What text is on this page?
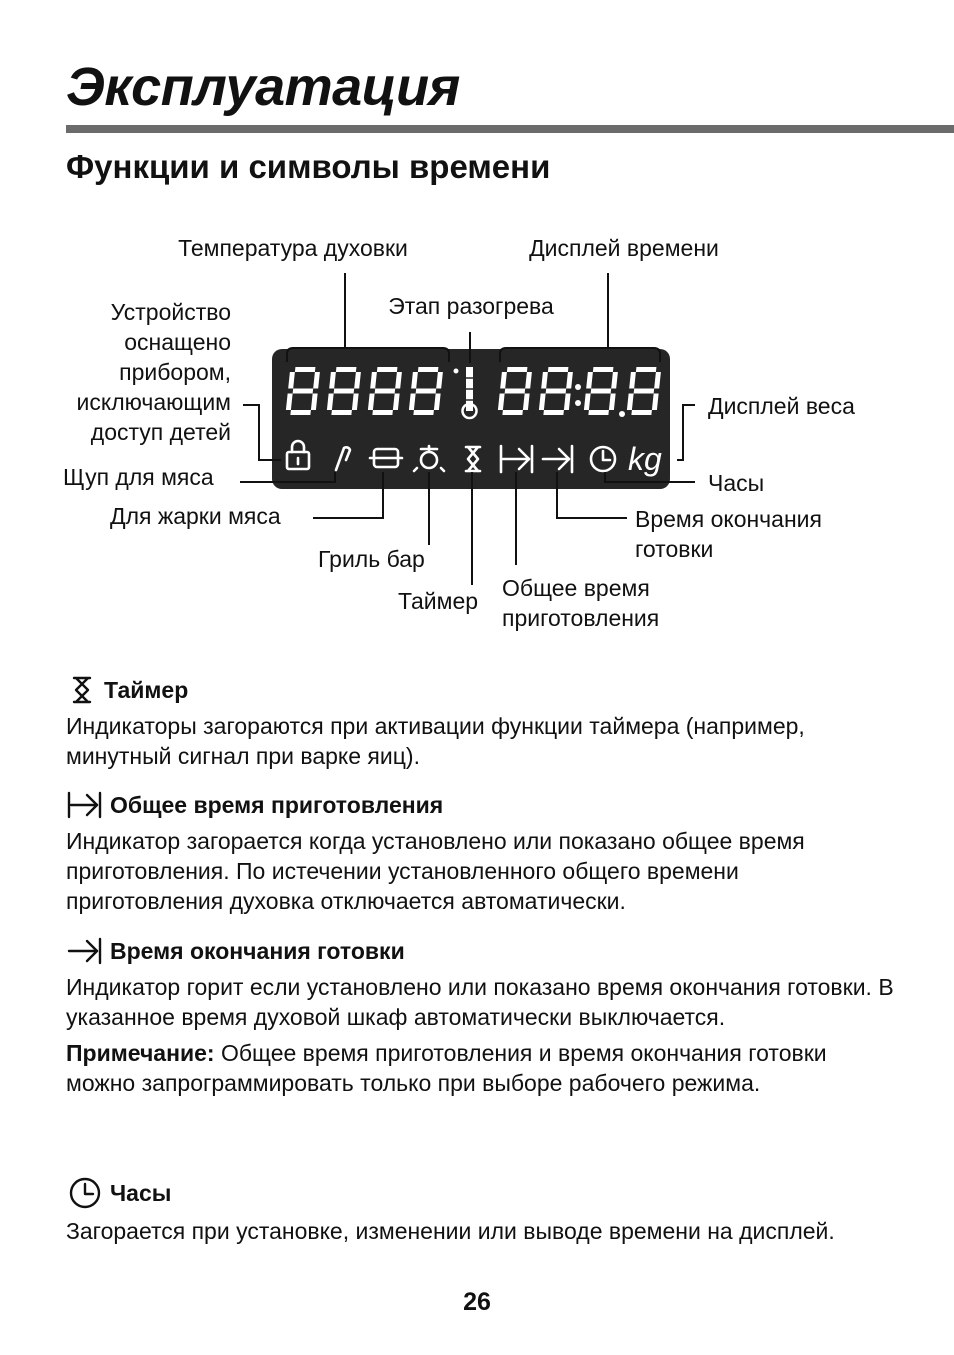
Эксплуатация
Функции и символы времени
kg
Температура духовки	Дисплей времени
Этап разогрева
Устройство
оснащено
прибором,
исключающим
доступ детей
Дисплей веса
Щуп для мяса	Часы
Для жарки мяса	Время окончания
готовки
Гриль бар
Таймер Общее время
приготовления
Таймер

Индикаторы загораются при активации функции таймера (например, минутный сигнал при варке яиц).

Общее время приготовления

Индикатор загорается когда установлено или показано общее время приготовления. По истечении установленного общего времени приготовления духовка отключается автоматически.

Время окончания готовки

Индикатор горит если установлено или показано время окончания готовки. В указанное время духовой шкаф автоматически выключается.

Примечание: Общее время приготовления и время окончания готовки можно запрограммировать только при выборе рабочего режима.

Часы

Загорается при установке, изменении или выводе времени на дисплей.

26
